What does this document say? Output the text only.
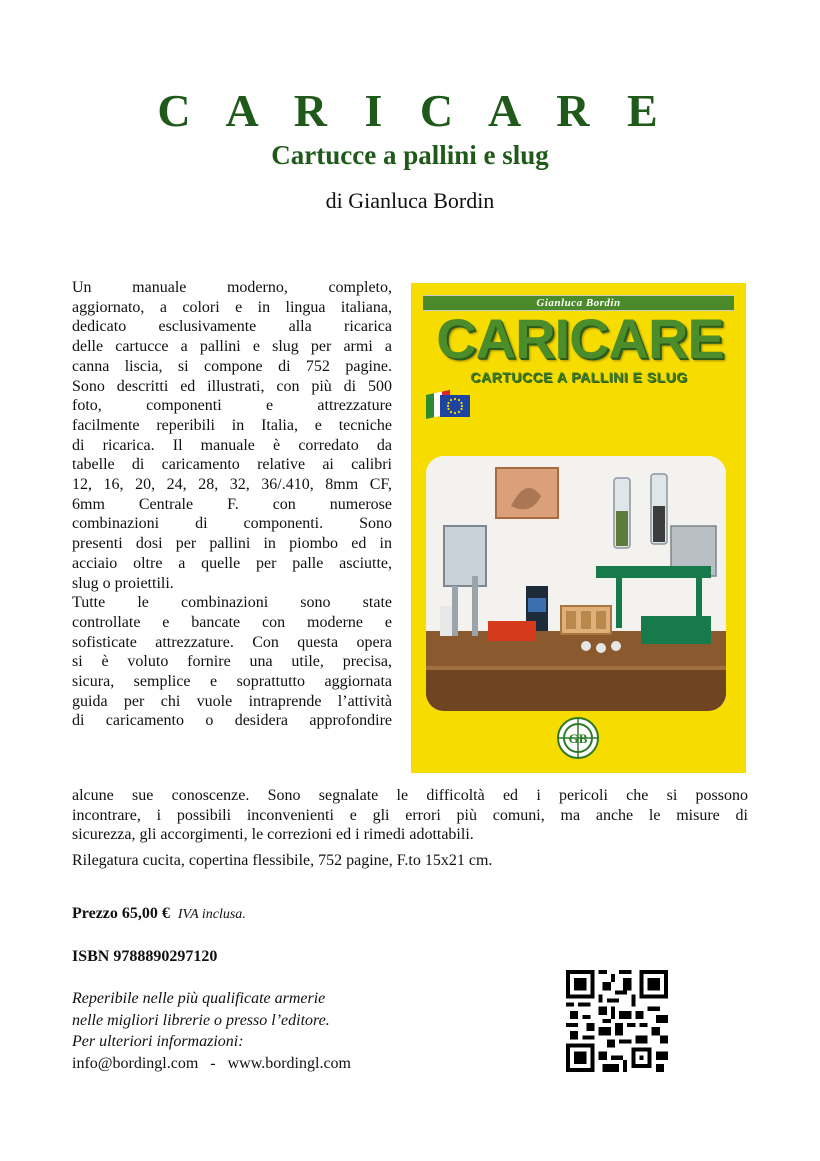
C A R I C A R E
Cartucce a pallini e slug
di Gianluca Bordin

Un manuale moderno, completo,

aggiornato, a colori e in lingua italiana,

dedicato esclusivamente alla ricarica

delle cartucce a pallini e slug per armi a

canna liscia, si compone di 752 pagine.

Sono descritti ed illustrati, con più di 500

foto, componenti e attrezzature

facilmente reperibili in Italia, e tecniche

di ricarica. Il manuale è corredato da

tabelle di caricamento relative ai calibri

12, 16, 20, 24, 28, 32, 36/.410, 8mm CF,

6mm Centrale F. con numerose

combinazioni di componenti. Sono

presenti dosi per pallini in piombo ed in

acciaio oltre a quelle per palle asciutte,

slug o proiettili.

Tutte le combinazioni sono state

controllate e bancate con moderne e

sofisticate attrezzature. Con questa opera

si è voluto fornire una utile, precisa,

sicura, semplice e soprattutto aggiornata

guida per chi vuole intraprende l’attività

di caricamento o desidera approfondire

alcune sue conoscenze. Sono segnalate le difficoltà ed i pericoli che si possono

incontrare, i possibili inconvenienti e gli errori più comuni, ma anche le misure di

sicurezza, gli accorgimenti, le correzioni ed i rimedi adottabili.

Rilegatura cucita, copertina flessibile, 752 pagine, F.to 15x21 cm.
Prezzo 65,00 € IVA inclusa.
ISBN 9788890297120
Reperibile nelle più qualificate armerie
nelle migliori librerie o presso l’editore.
Per ulteriori informazioni:
info@bordingl.com   -   www.bordingl.com
Gianluca Bordin
CARICARE
CARTUCCE A PALLINI E SLUG
GB
